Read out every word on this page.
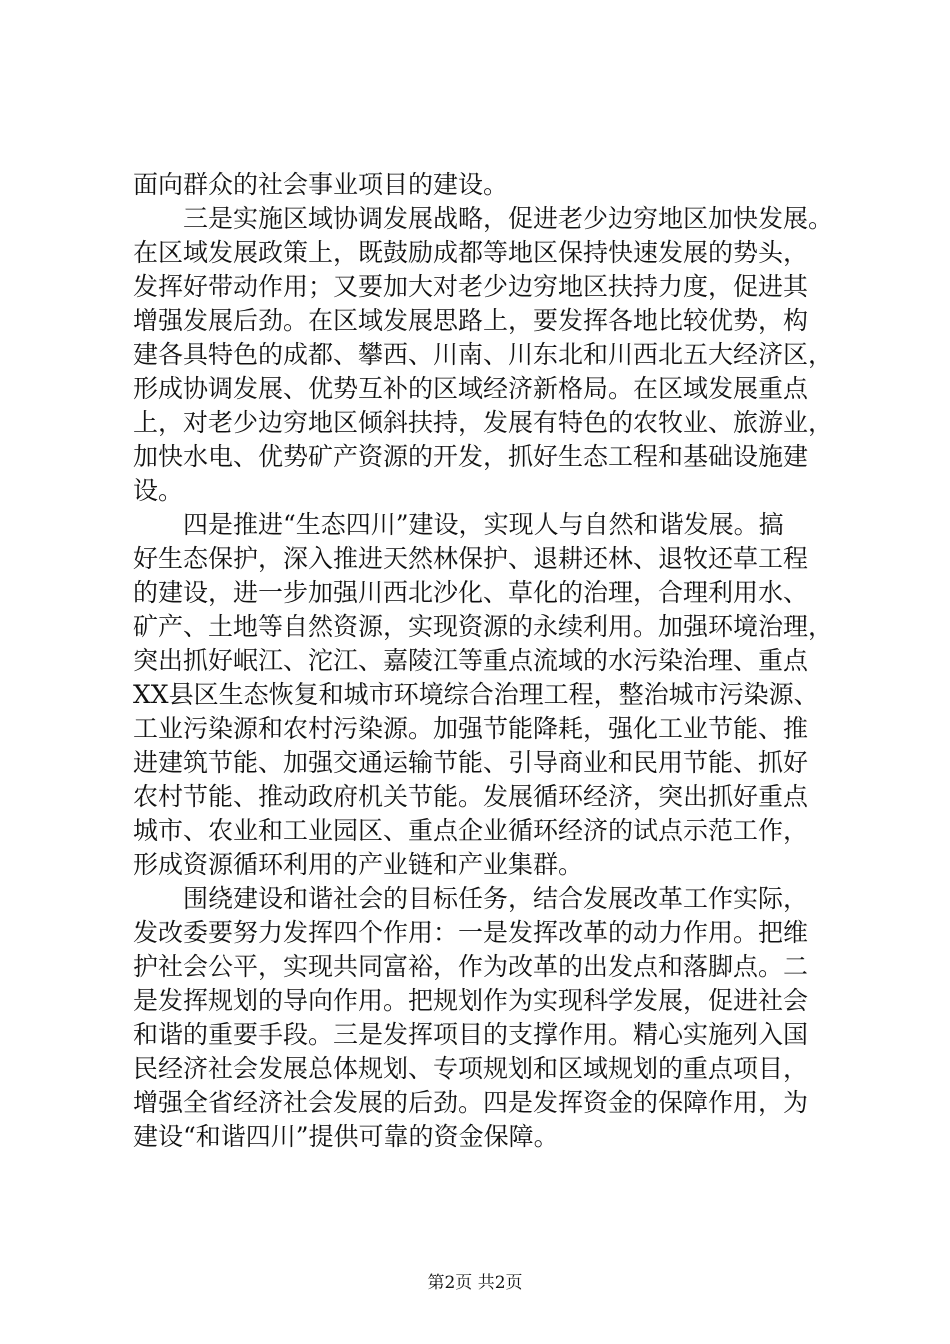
面向群众的社会事业项目的建设。
三是实施区域协调发展战略，促进老少边穷地区加快发展。
在区域发展政策上，既鼓励成都等地区保持快速发展的势头，
发挥好带动作用；又要加大对老少边穷地区扶持力度，促进其
增强发展后劲。在区域发展思路上，要发挥各地比较优势，构
建各具特色的成都、攀西、川南、川东北和川西北五大经济区，
形成协调发展、优势互补的区域经济新格局。在区域发展重点
上，对老少边穷地区倾斜扶持，发展有特色的农牧业、旅游业，
加快水电、优势矿产资源的开发，抓好生态工程和基础设施建
设。
四是推进“生态四川”建设，实现人与自然和谐发展。搞
好生态保护，深入推进天然林保护、退耕还林、退牧还草工程
的建设，进一步加强川西北沙化、草化的治理，合理利用水、
矿产、土地等自然资源，实现资源的永续利用。加强环境治理，
突出抓好岷江、沱江、嘉陵江等重点流域的水污染治理、重点
XX县区生态恢复和城市环境综合治理工程，整治城市污染源、
工业污染源和农村污染源。加强节能降耗，强化工业节能、推
进建筑节能、加强交通运输节能、引导商业和民用节能、抓好
农村节能、推动政府机关节能。发展循环经济，突出抓好重点
城市、农业和工业园区、重点企业循环经济的试点示范工作，
形成资源循环利用的产业链和产业集群。
围绕建设和谐社会的目标任务，结合发展改革工作实际，
发改委要努力发挥四个作用：一是发挥改革的动力作用。把维
护社会公平，实现共同富裕，作为改革的出发点和落脚点。二
是发挥规划的导向作用。把规划作为实现科学发展，促进社会
和谐的重要手段。三是发挥项目的支撑作用。精心实施列入国
民经济社会发展总体规划、专项规划和区域规划的重点项目，
增强全省经济社会发展的后劲。四是发挥资金的保障作用，为
建设“和谐四川”提供可靠的资金保障。
第2页 共2页
